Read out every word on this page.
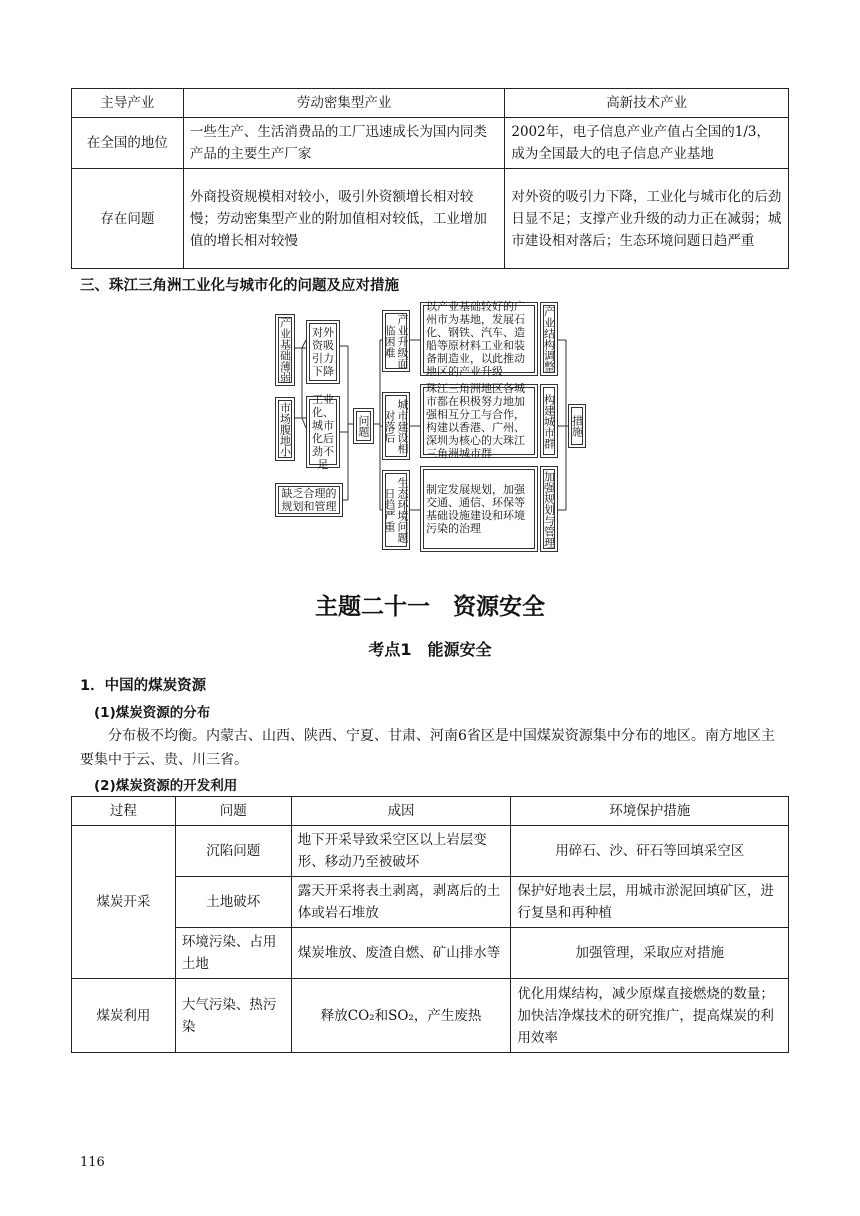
主导产业	劳动密集型产业	高新技术产业
在全国的地位	一些生产、生活消费品的工厂迅速成长为国内同类产品的主要生产厂家	2002年，电子信息产业产值占全国的1/3，成为全国最大的电子信息产业基地
存在问题	外商投资规模相对较小，吸引外资额增长相对较慢；劳动密集型产业的附加值相对较低，工业增加值的增长相对较慢	对外资的吸引力下降，工业化与城市化的后劲日显不足；支撑产业升级的动力正在减弱；城市建设相对落后；生态环境问题日趋严重
三、珠江三角洲工业化与城市化的问题及应对措施
产业基础薄弱
市场腹地小
缺乏合理的规划和管理
对外资吸引力下降
工业化、城市化后劲不足
问题
产业升级面临困难
城市建设相对落后
生态环境问题日趋严重
以产业基础较好的广州市为基地，发展石化、钢铁、汽车、造船等原材料工业和装备制造业，以此推动地区的产业升级
珠江三角洲地区各城市都在积极努力地加强相互分工与合作，构建以香港、广州、深圳为核心的大珠江三角洲城市群
制定发展规划，加强交通、通信、环保等基础设施建设和环境污染的治理
产业结构调整
构建城市群
加强规划与管理
措施
主题二十一　资源安全
考点1　能源安全
1．中国的煤炭资源
(1)煤炭资源的分布
分布极不均衡。内蒙古、山西、陕西、宁夏、甘肃、河南6省区是中国煤炭资源集中分布的地区。南方地区主要集中于云、贵、川三省。
(2)煤炭资源的开发利用
过程	问题	成因	环境保护措施
煤炭开采	沉陷问题	地下开采导致采空区以上岩层变形、移动乃至被破坏	用碎石、沙、矸石等回填采空区
	土地破坏	露天开采将表土剥离，剥离后的土体或岩石堆放	保护好地表土层，用城市淤泥回填矿区，进行复垦和再种植
	环境污染、占用土地	煤炭堆放、废渣自燃、矿山排水等	加强管理，采取应对措施
煤炭利用	大气污染、热污染	释放CO₂和SO₂，产生废热	优化用煤结构，减少原煤直接燃烧的数量；加快洁净煤技术的研究推广，提高煤炭的利用效率
116
